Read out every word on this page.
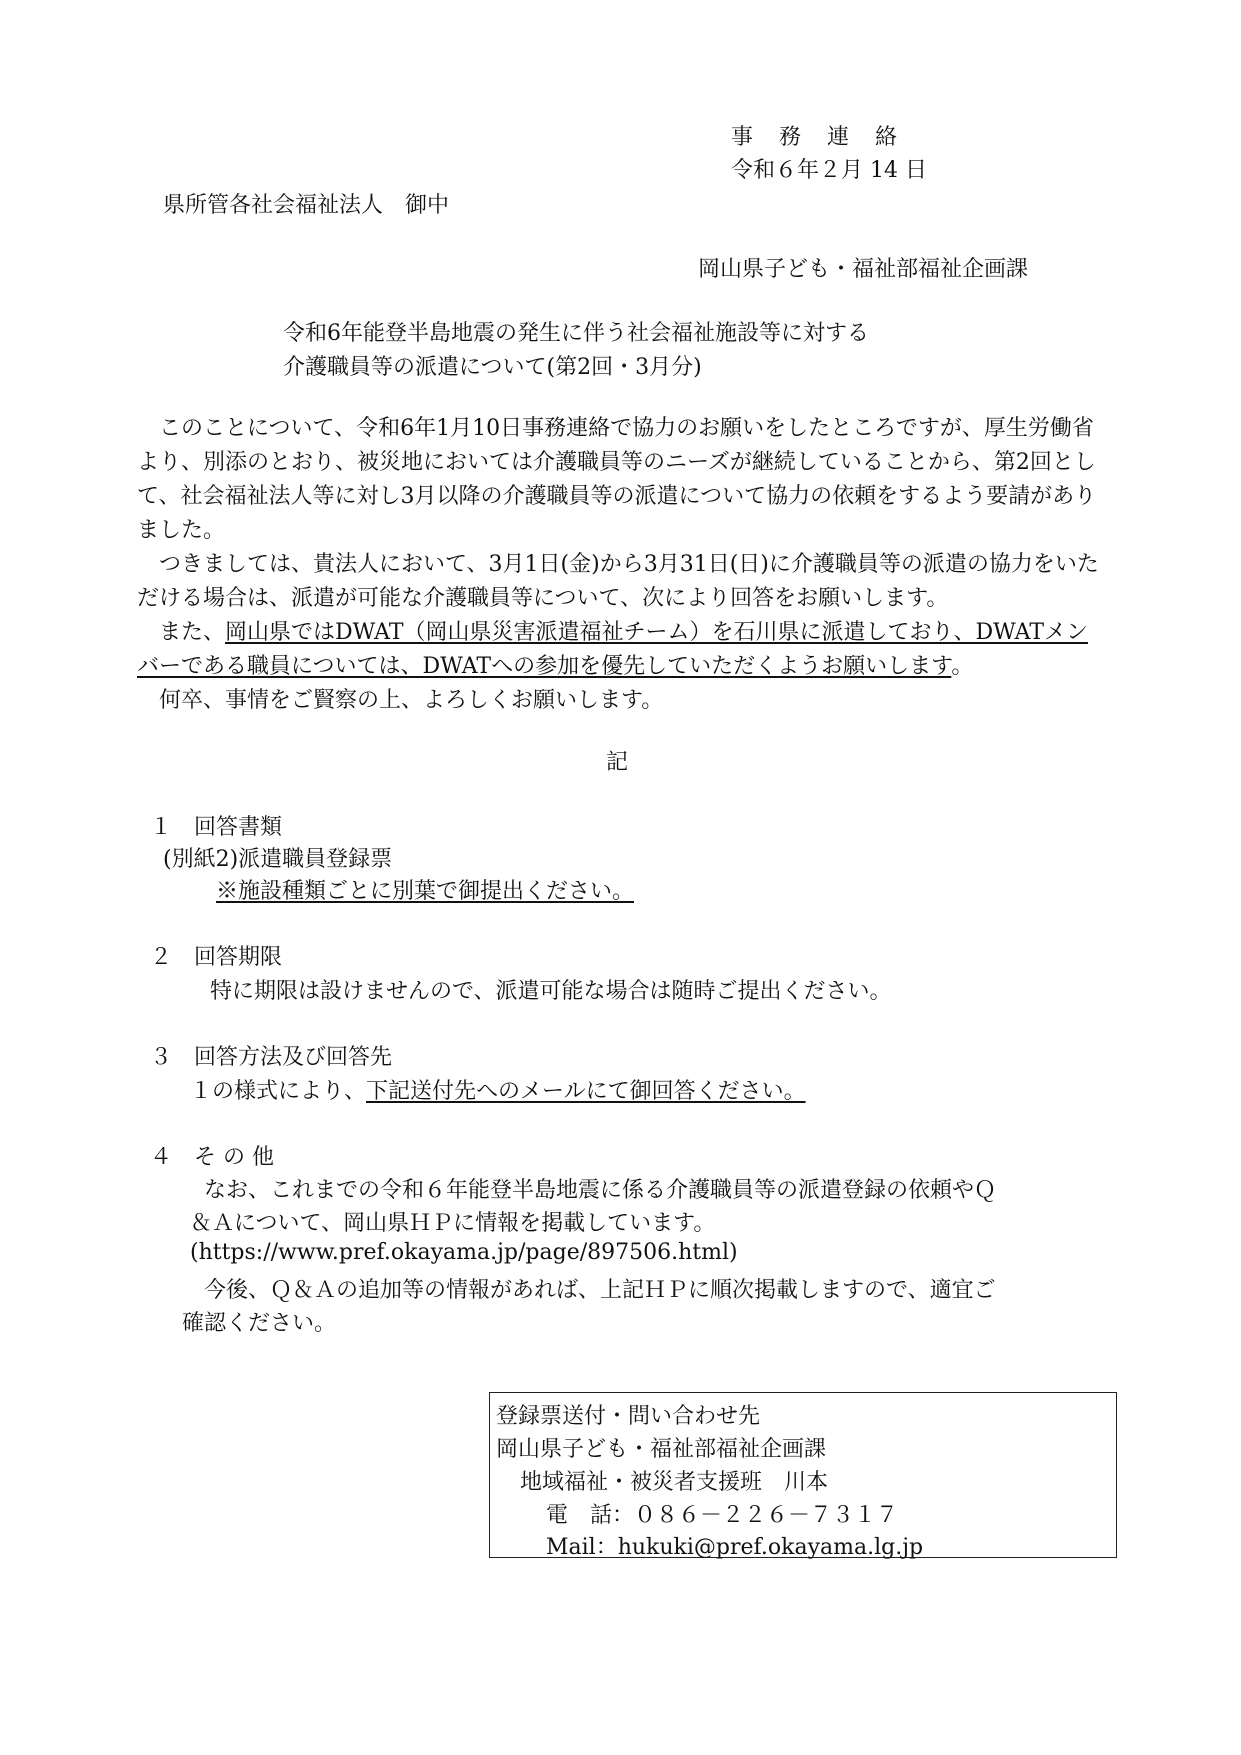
事　務　連　絡
令和６年２月 14 日
県所管各社会福祉法人　御中
岡山県子ども・福祉部福祉企画課
令和6年能登半島地震の発生に伴う社会福祉施設等に対する
介護職員等の派遣について(第2回・3月分)

　このことについて、令和6年1月10日事務連絡で協力のお願いをしたところですが、厚生労働省より、別添のとおり、被災地においては介護職員等のニーズが継続していることから、第2回として、社会福祉法人等に対し3月以降の介護職員等の派遣について協力の依頼をするよう要請がありました。

　つきましては、貴法人において、3月1日(金)から3月31日(日)に介護職員等の派遣の協力をいただける場合は、派遣が可能な介護職員等について、次により回答をお願いします。

　また、岡山県ではDWAT（岡山県災害派遣福祉チーム）を石川県に派遣しており、DWATメンバーである職員については、DWATへの参加を優先していただくようお願いします。

　何卒、事情をご賢察の上、よろしくお願いします。

記
１　回答書類
(別紙2)派遣職員登録票
※施設種類ごとに別葉で御提出ください。
２　回答期限
特に期限は設けませんので、派遣可能な場合は随時ご提出ください。
３　回答方法及び回答先
１の様式により、下記送付先へのメールにて御回答ください。
４　そ の 他
なお、これまでの令和６年能登半島地震に係る介護職員等の派遣登録の依頼やＱ
＆Ａについて、岡山県ＨＰに情報を掲載しています。
(https://www.pref.okayama.jp/page/897506.html)
今後、Ｑ＆Ａの追加等の情報があれば、上記ＨＰに順次掲載しますので、適宜ご
確認ください。
登録票送付・問い合わせ先
岡山県子ども・福祉部福祉企画課
地域福祉・被災者支援班　川本
電　話：０８６－２２６－７３１７
Mail：hukuki@pref.okayama.lg.jp
